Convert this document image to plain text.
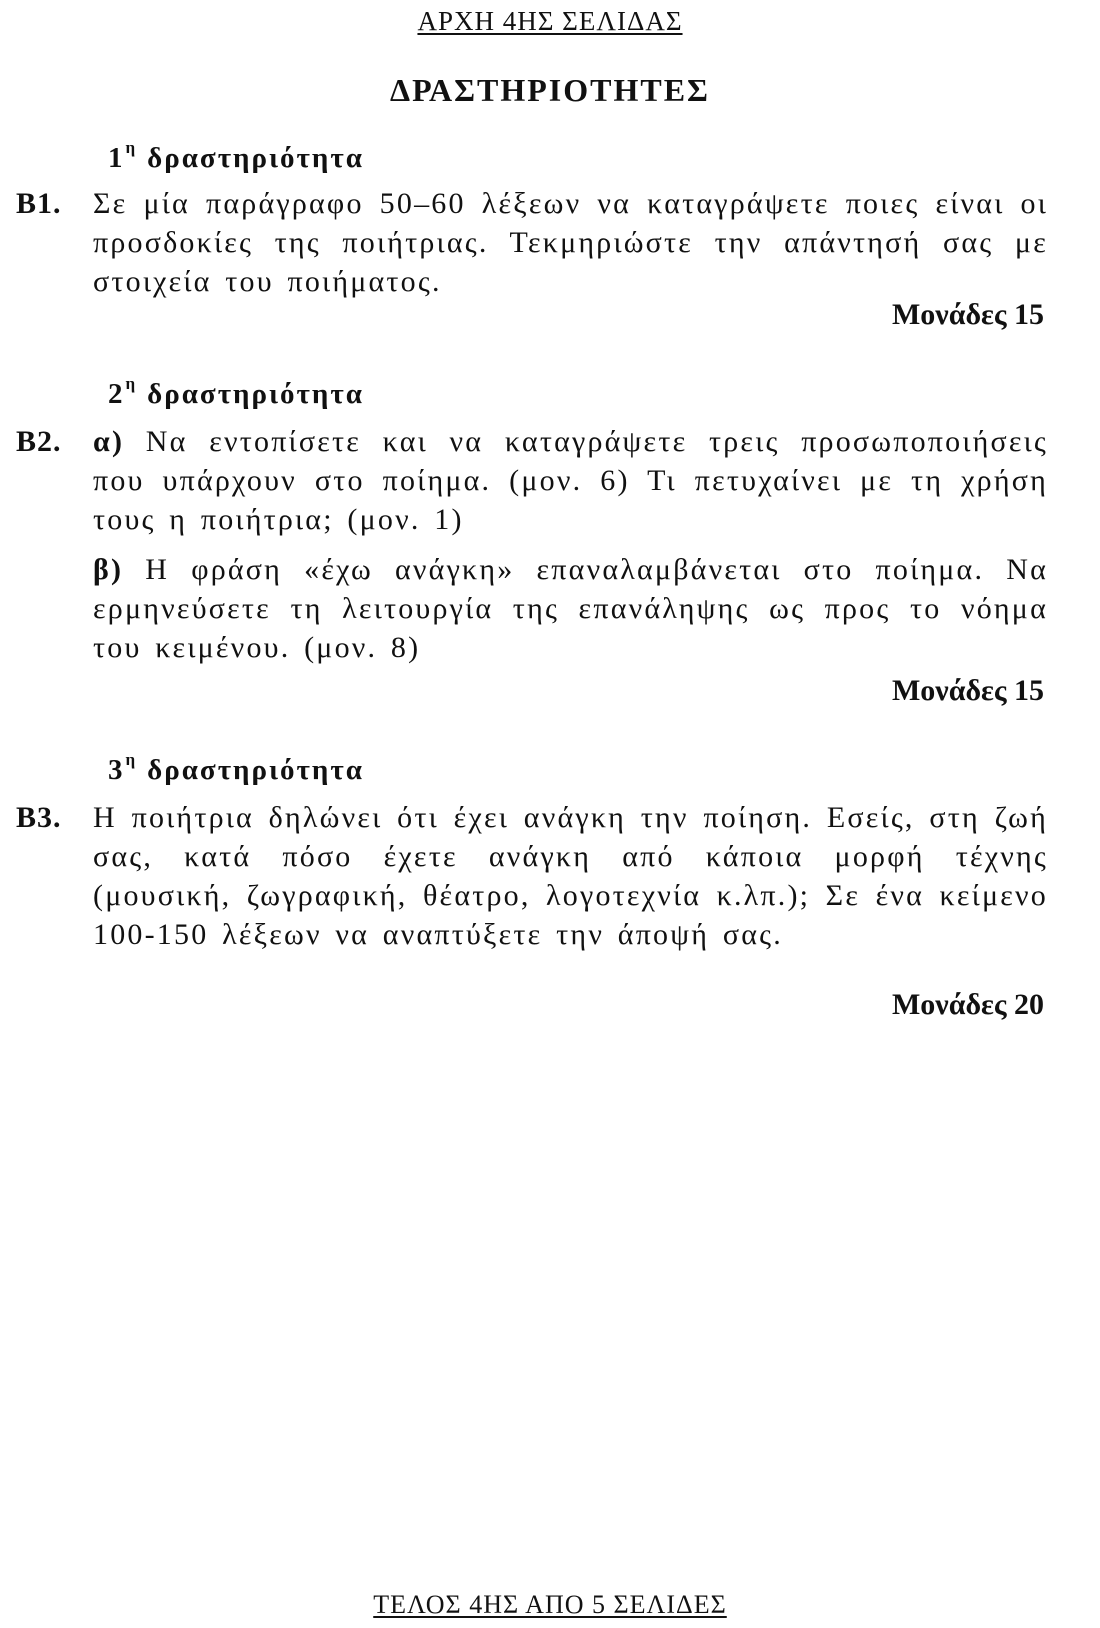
ΑΡΧΗ 4ΗΣ ΣΕΛΙΔΑΣ
ΔΡΑΣΤΗΡΙΟΤΗΤΕΣ
$1^\eta$ δραστηριότητα
Β1. Σε μία παράγραφο 50–60 λέξεων να καταγράψετε ποιες είναι οι προσδοκίες της ποιήτριας. Τεκμηριώστε την απάντησή σας με στοιχεία του ποιήματος.

Μονάδες 15
$2^\eta$ δραστηριότητα
Β2. α) Να εντοπίσετε και να καταγράψετε τρεις προσωποποιήσεις που υπάρχουν στο ποίημα. (μον. 6) Τι πετυχαίνει με τη χρήση τους η ποιήτρια; (μον. 1)

β) Η φράση «έχω ανάγκη» επαναλαμβάνεται στο ποίημα. Να ερμηνεύσετε τη λειτουργία της επανάληψης ως προς το νόημα του κειμένου. (μον. 8)

Μονάδες 15
$3^\eta$ δραστηριότητα
Β3. Η ποιήτρια δηλώνει ότι έχει ανάγκη την ποίηση. Εσείς, στη ζωή σας, κατά πόσο έχετε ανάγκη από κάποια μορφή τέχνης (μουσική, ζωγραφική, θέατρο, λογοτεχνία κ.λπ.); Σε ένα κείμενο 100-150 λέξεων να αναπτύξετε την άποψή σας.

Μονάδες 20
ΤΕΛΟΣ 4ΗΣ ΑΠΟ 5 ΣΕΛΙΔΕΣ
